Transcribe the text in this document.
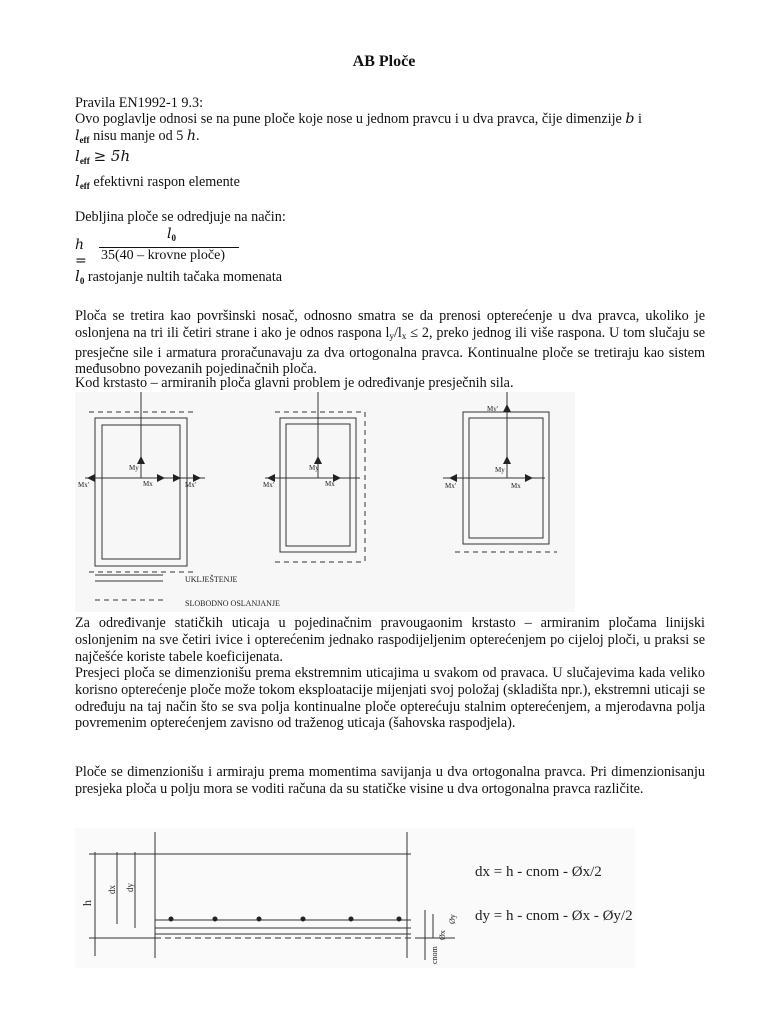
AB Ploče

Pravila EN1992-1 9.3:

Ovo poglavlje odnosi se na pune ploče koje nose u jednom pravcu i u dva pravca, čije dimenzije b i
$l_{eff}$ nisu manje od 5 h.

$l_{eff} \ge 5h$

$l_{eff}$ efektivni raspon elemente

Debljina ploče se odredjuje na način:

h =
$l_0$
35(40 – krovne ploče)

$l_0$ rastojanje nultih tačaka momenata

Ploča se tretira kao površinski nosač, odnosno smatra se da prenosi opterećenje u dva pravca, ukoliko je oslonjena na tri ili četiri strane i ako je odnos raspona ly/lx ≤ 2, preko jednog ili više raspona. U tom slučaju se presječne sile i armatura proračunavaju za dva ortogonalna pravca. Kontinualne ploče se tretiraju kao sistem međusobno povezanih pojedinačnih ploča.

Kod krstasto – armiranih ploča glavni problem je određivanje presječnih sila.

My
Mx
Mx'	Mx'
My
Mx
Mx'
My
Mx
Mx'
My'
UKLJEŠTENJE
SLOBODNO OSLANJANJE

Za određivanje statičkih uticaja u pojedinačnim pravougaonim krstasto – armiranim pločama linijski oslonjenim na sve četiri ivice i opterećenim jednako raspodijeljenim opterećenjem po cijeloj ploči, u praksi se najčešće koriste tabele koeficijenata.

Presjeci ploča se dimenzionišu prema ekstremnim uticajima u svakom od pravaca. U slučajevima kada veliko korisno opterećenje ploče može tokom eksploatacije mijenjati svoj položaj (skladišta npr.), ekstremni uticaji se određuju na taj način što se sva polja kontinualne ploče opterećuju stalnim opterećenjem, a mjerodavna polja povremenim opterećenjem zavisno od traženog uticaja (šahovska raspodjela).

Ploče se dimenzionišu i armiraju prema momentima savijanja u dva ortogonalna pravca. Pri dimenzionisanju presjeka ploča u polju mora se voditi računa da su statičke visine u dva ortogonalna pravca različite.

h
dx dy
cnom
Øx
Øy
dx = h - cnom - Øx/2
dy = h - cnom - Øx - Øy/2
